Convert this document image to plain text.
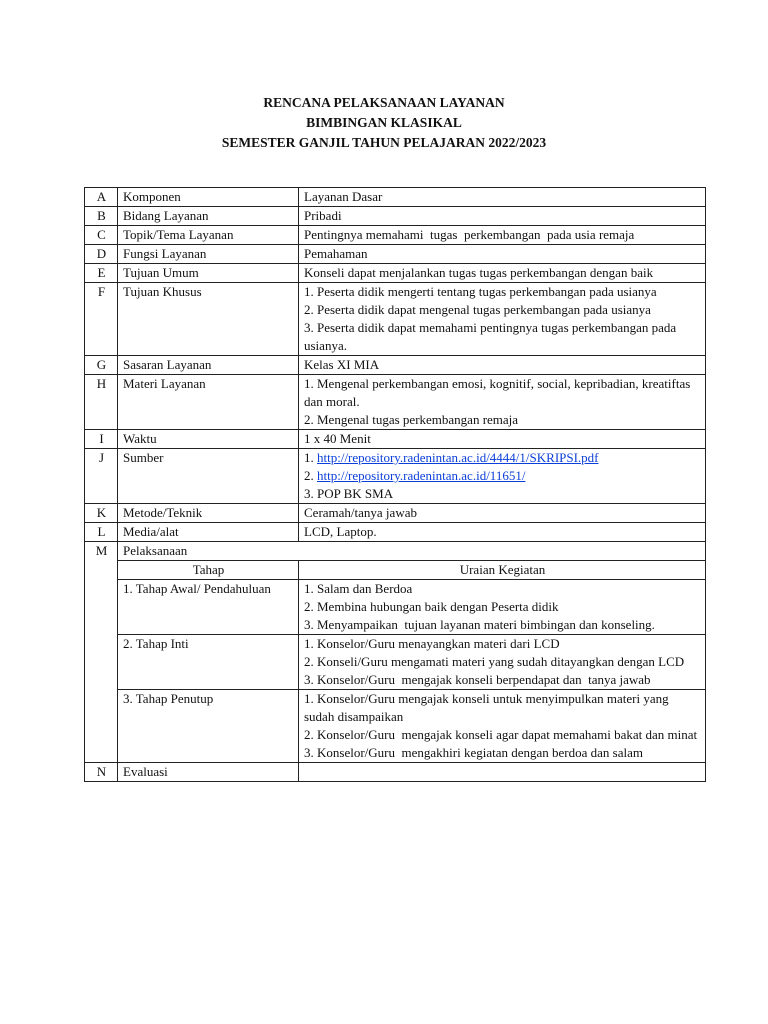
RENCANA PELAKSANAAN LAYANAN
BIMBINGAN KLASIKAL
SEMESTER GANJIL TAHUN PELAJARAN 2022/2023
A	Komponen	Layanan Dasar
B	Bidang Layanan	Pribadi
C	Topik/Tema Layanan	Pentingnya memahami  tugas  perkembangan  pada usia remaja
D	Fungsi Layanan	Pemahaman
E	Tujuan Umum	Konseli dapat menjalankan tugas tugas perkembangan dengan baik
F	Tujuan Khusus	1. Peserta didik mengerti tentang tugas perkembangan pada usianya
2. Peserta didik dapat mengenal tugas perkembangan pada usianya
3. Peserta didik dapat memahami pentingnya tugas perkembangan pada usianya.

G	Sasaran Layanan	Kelas XI MIA
H	Materi Layanan	1. Mengenal perkembangan emosi, kognitif, social, kepribadian, kreatiftas dan moral.
2. Mengenal tugas perkembangan remaja

I	Waktu	1 x 40 Menit
J	Sumber	1. http://repository.radenintan.ac.id/4444/1/SKRIPSI.pdf
2. http://repository.radenintan.ac.id/11651/
3. POP BK SMA

K	Metode/Teknik	Ceramah/tanya jawab
L	Media/alat	LCD, Laptop.
M	Pelaksanaan	
	Tahap	Uraian Kegiatan
	1. Tahap Awal/ Pendahuluan	1. Salam dan Berdoa
2. Membina hubungan baik dengan Peserta didik
3. Menyampaikan  tujuan layanan materi bimbingan dan konseling.

	2. Tahap Inti	1. Konselor/Guru menayangkan materi dari LCD
2. Konseli/Guru mengamati materi yang sudah ditayangkan dengan LCD
3. Konselor/Guru  mengajak konseli berpendapat dan  tanya jawab

	3. Tahap Penutup	1. Konselor/Guru mengajak konseli untuk menyimpulkan materi yang sudah disampaikan
2. Konselor/Guru  mengajak konseli agar dapat memahami bakat dan minat
3. Konselor/Guru  mengakhiri kegiatan dengan berdoa dan salam

N	Evaluasi	
